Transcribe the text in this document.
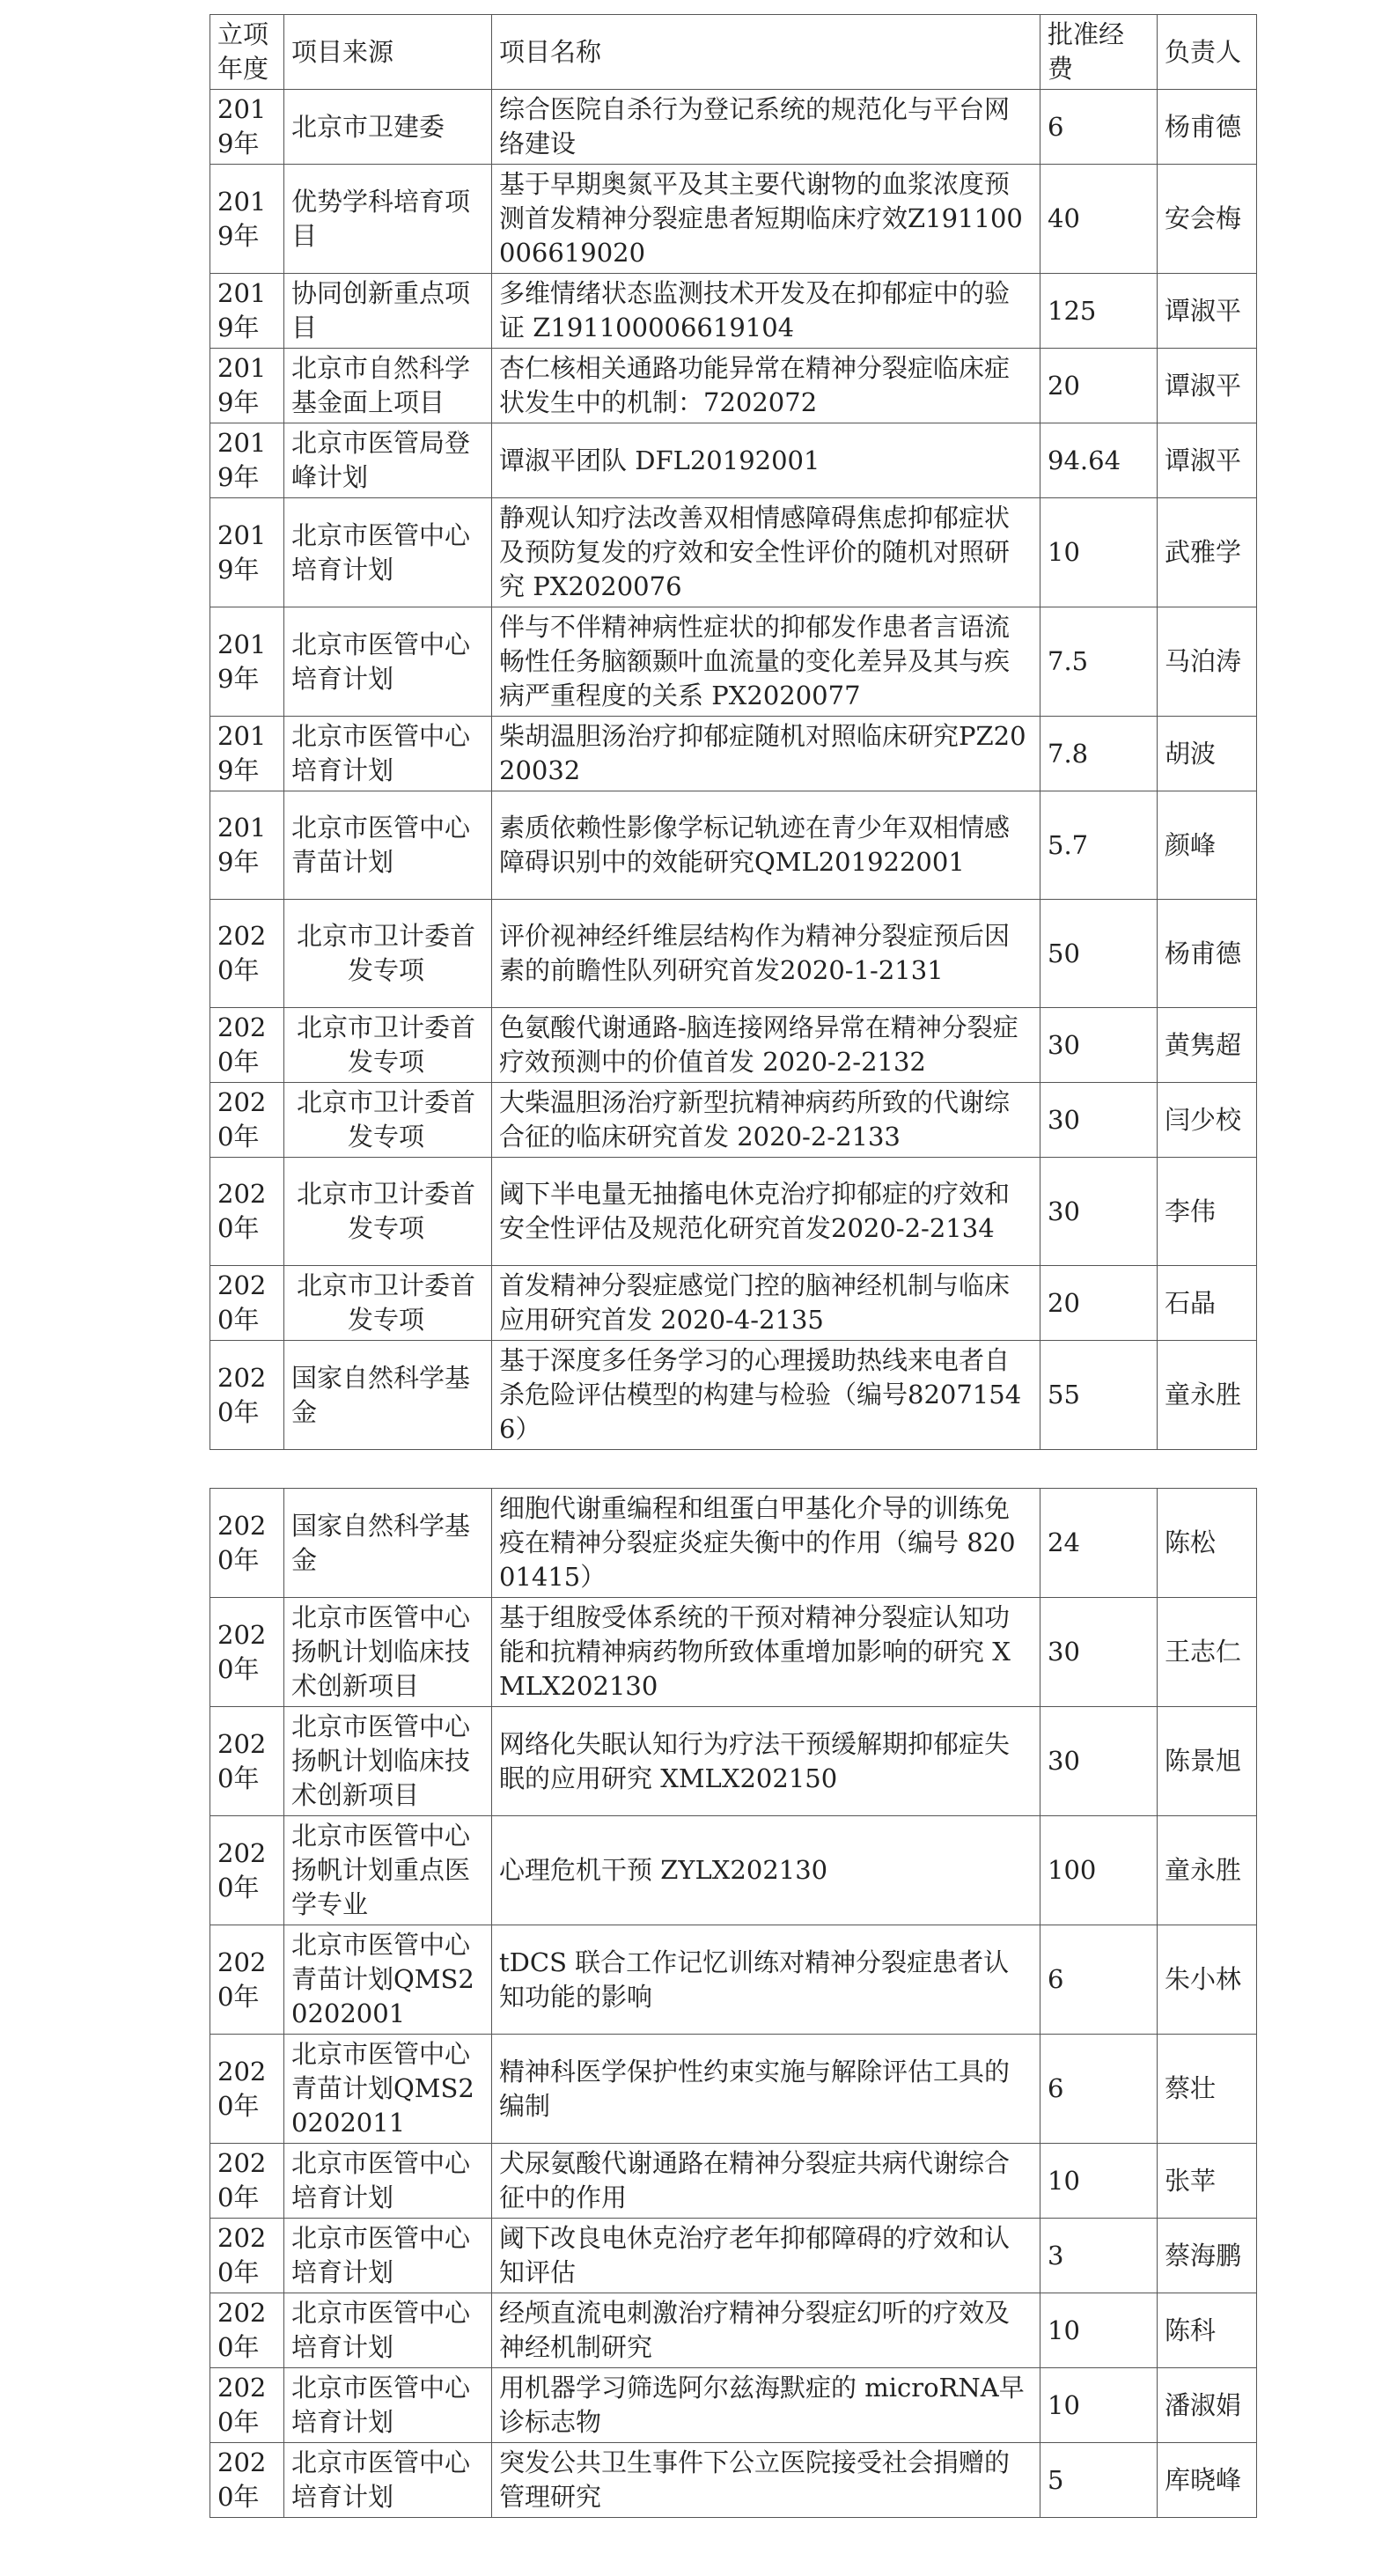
立项年度	项目来源	项目名称	批准经费	负责人
2019年	北京市卫建委	综合医院自杀行为登记系统的规范化与平台网络建设	6	杨甫德
2019年	优势学科培育项目	基于早期奥氮平及其主要代谢物的血浆浓度预测首发精神分裂症患者短期临床疗效Z191100006619020	40	安会梅
2019年	协同创新重点项目	多维情绪状态监测技术开发及在抑郁症中的验证 Z191100006619104	125	谭淑平
2019年	北京市自然科学基金面上项目	杏仁核相关通路功能异常在精神分裂症临床症状发生中的机制：7202072	20	谭淑平
2019年	北京市医管局登峰计划	谭淑平团队 DFL20192001	94.64	谭淑平
2019年	北京市医管中心培育计划	静观认知疗法改善双相情感障碍焦虑抑郁症状及预防复发的疗效和安全性评价的随机对照研究 PX2020076	10	武雅学
2019年	北京市医管中心培育计划	伴与不伴精神病性症状的抑郁发作患者言语流畅性任务脑额颞叶血流量的变化差异及其与疾病严重程度的关系 PX2020077	7.5	马泊涛
2019年	北京市医管中心培育计划	柴胡温胆汤治疗抑郁症随机对照临床研究PZ2020032	7.8	胡波
2019年	北京市医管中心青苗计划	素质依赖性影像学标记轨迹在青少年双相情感障碍识别中的效能研究QML201922001	5.7	颜峰
2020年	北京市卫计委首发专项	评价视神经纤维层结构作为精神分裂症预后因素的前瞻性队列研究首发2020-1-2131	50	杨甫德
2020年	北京市卫计委首发专项	色氨酸代谢通路-脑连接网络异常在精神分裂症疗效预测中的价值首发 2020-2-2132	30	黄隽超
2020年	北京市卫计委首发专项	大柴温胆汤治疗新型抗精神病药所致的代谢综合征的临床研究首发 2020-2-2133	30	闫少校
2020年	北京市卫计委首发专项	阈下半电量无抽搐电休克治疗抑郁症的疗效和安全性评估及规范化研究首发2020-2-2134	30	李伟
2020年	北京市卫计委首发专项	首发精神分裂症感觉门控的脑神经机制与临床应用研究首发 2020-4-2135	20	石晶
2020年	国家自然科学基金	基于深度多任务学习的心理援助热线来电者自杀危险评估模型的构建与检验（编号82071546）	55	童永胜
2020年	国家自然科学基金	细胞代谢重编程和组蛋白甲基化介导的训练免疫在精神分裂症炎症失衡中的作用（编号 82001415）	24	陈松
2020年	北京市医管中心扬帆计划临床技术创新项目	基于组胺受体系统的干预对精神分裂症认知功能和抗精神病药物所致体重增加影响的研究 XMLX202130	30	王志仁
2020年	北京市医管中心扬帆计划临床技术创新项目	网络化失眠认知行为疗法干预缓解期抑郁症失眠的应用研究 XMLX202150	30	陈景旭
2020年	北京市医管中心扬帆计划重点医学专业	心理危机干预 ZYLX202130	100	童永胜
2020年	北京市医管中心青苗计划QMS20202001	tDCS 联合工作记忆训练对精神分裂症患者认知功能的影响	6	朱小林
2020年	北京市医管中心青苗计划QMS20202011	精神科医学保护性约束实施与解除评估工具的编制	6	蔡壮
2020年	北京市医管中心培育计划	犬尿氨酸代谢通路在精神分裂症共病代谢综合征中的作用	10	张苹
2020年	北京市医管中心培育计划	阈下改良电休克治疗老年抑郁障碍的疗效和认知评估	3	蔡海鹏
2020年	北京市医管中心培育计划	经颅直流电刺激治疗精神分裂症幻听的疗效及神经机制研究	10	陈科
2020年	北京市医管中心培育计划	用机器学习筛选阿尔兹海默症的 microRNA早诊标志物	10	潘淑娟
2020年	北京市医管中心培育计划	突发公共卫生事件下公立医院接受社会捐赠的管理研究	5	库晓峰
